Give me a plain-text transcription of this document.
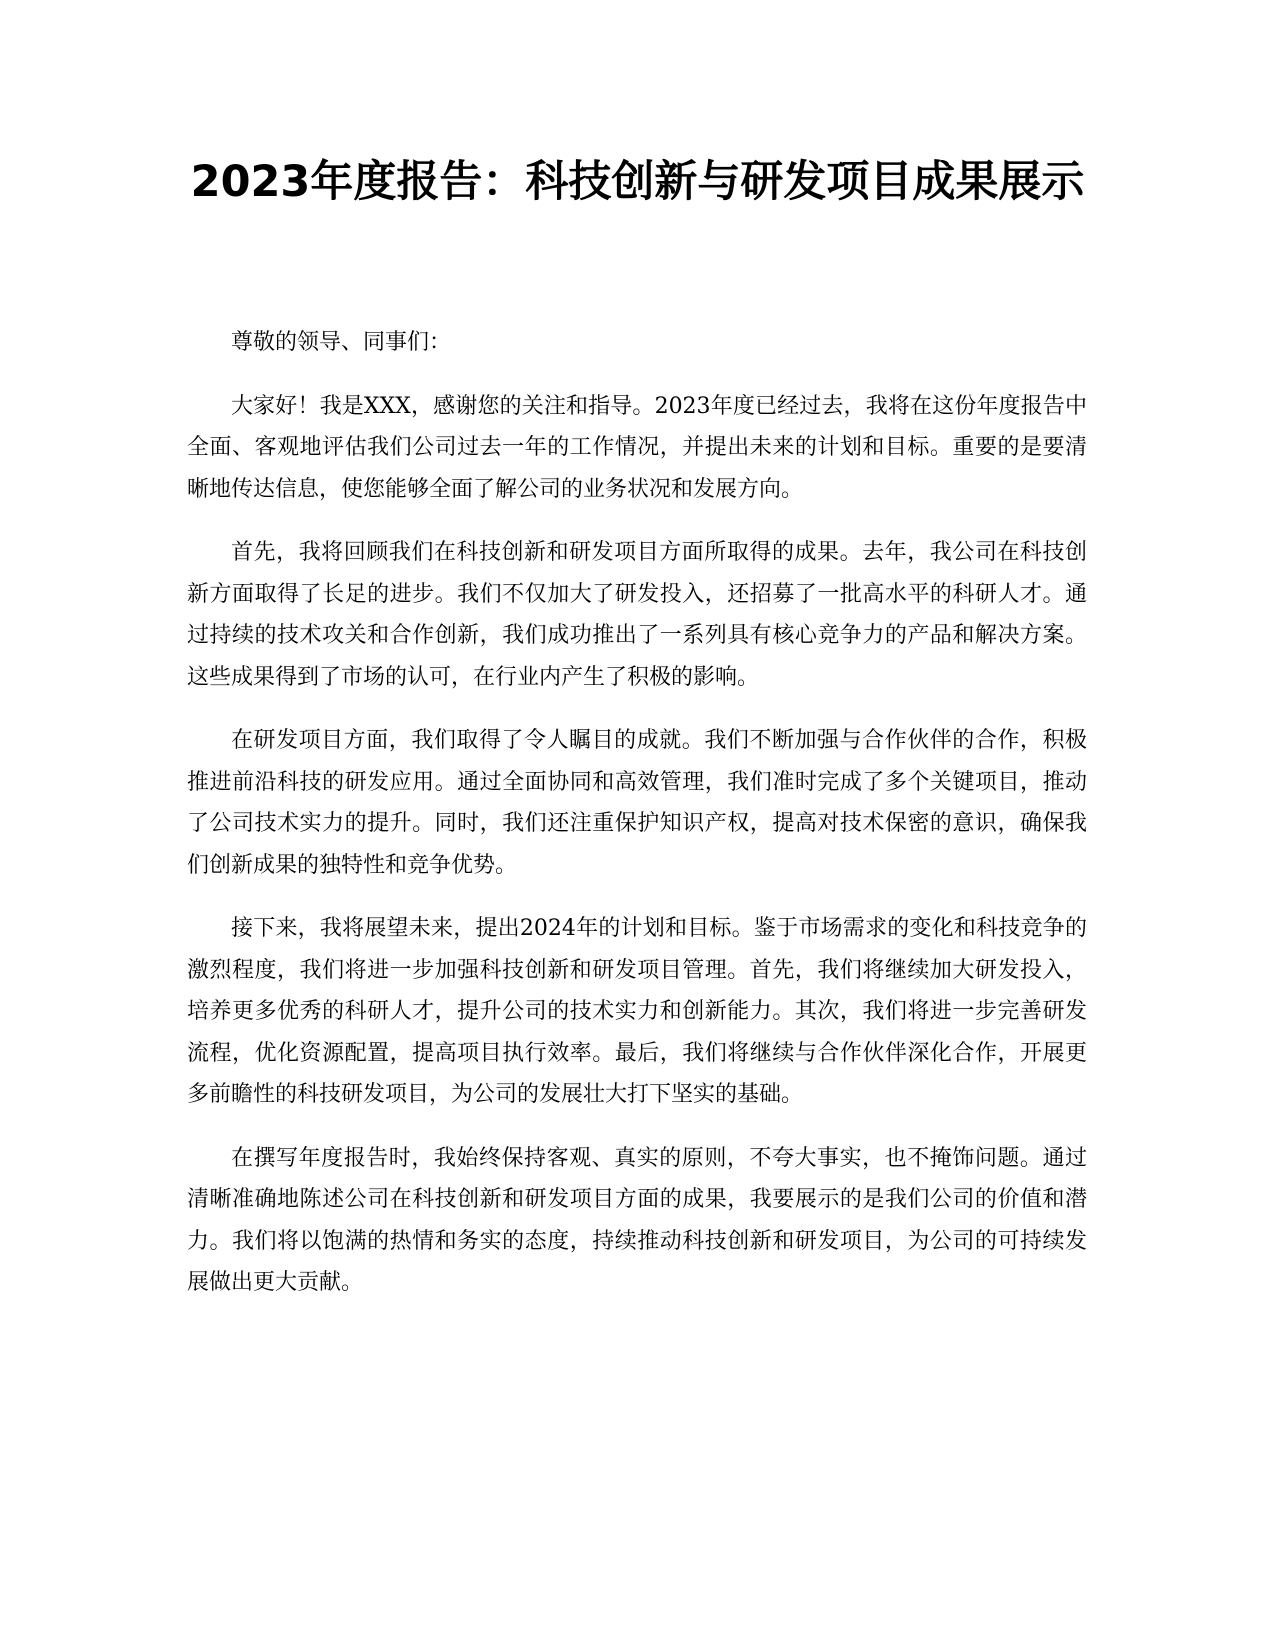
2023年度报告：科技创新与研发项目成果展示

尊敬的领导、同事们：

大家好！我是XXX，感谢您的关注和指导。2023年度已经过去，我将在这份年度报告中全面、客观地评估我们公司过去一年的工作情况，并提出未来的计划和目标。重要的是要清晰地传达信息，使您能够全面了解公司的业务状况和发展方向。

首先，我将回顾我们在科技创新和研发项目方面所取得的成果。去年，我公司在科技创新方面取得了长足的进步。我们不仅加大了研发投入，还招募了一批高水平的科研人才。通过持续的技术攻关和合作创新，我们成功推出了一系列具有核心竞争力的产品和解决方案。这些成果得到了市场的认可，在行业内产生了积极的影响。

在研发项目方面，我们取得了令人瞩目的成就。我们不断加强与合作伙伴的合作，积极推进前沿科技的研发应用。通过全面协同和高效管理，我们准时完成了多个关键项目，推动了公司技术实力的提升。同时，我们还注重保护知识产权，提高对技术保密的意识，确保我们创新成果的独特性和竞争优势。

接下来，我将展望未来，提出2024年的计划和目标。鉴于市场需求的变化和科技竞争的激烈程度，我们将进一步加强科技创新和研发项目管理。首先，我们将继续加大研发投入，培养更多优秀的科研人才，提升公司的技术实力和创新能力。其次，我们将进一步完善研发流程，优化资源配置，提高项目执行效率。最后，我们将继续与合作伙伴深化合作，开展更多前瞻性的科技研发项目，为公司的发展壮大打下坚实的基础。

在撰写年度报告时，我始终保持客观、真实的原则，不夸大事实，也不掩饰问题。通过清晰准确地陈述公司在科技创新和研发项目方面的成果，我要展示的是我们公司的价值和潜力。我们将以饱满的热情和务实的态度，持续推动科技创新和研发项目，为公司的可持续发展做出更大贡献。
